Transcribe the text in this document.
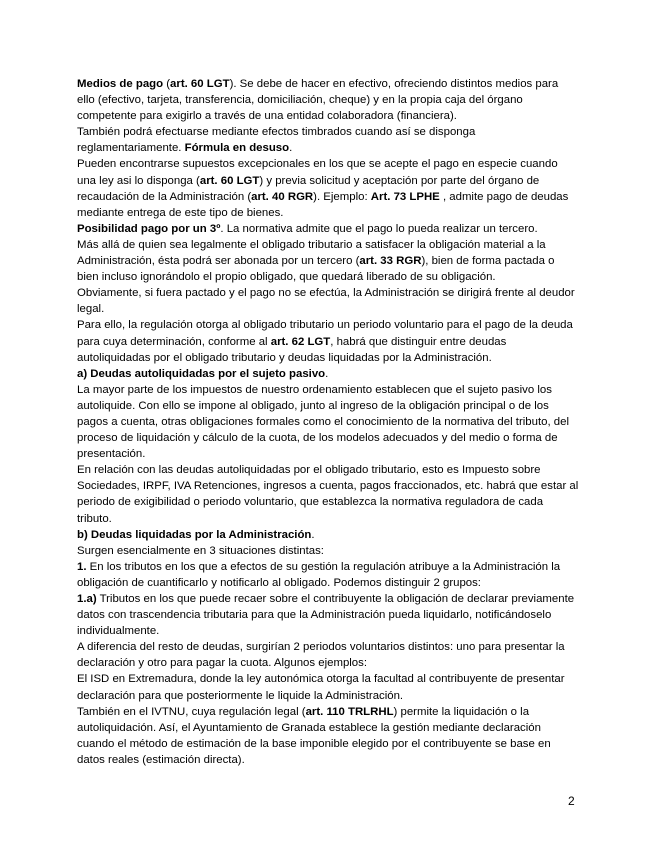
Medios de pago (art. 60 LGT). Se debe de hacer en efectivo, ofreciendo distintos medios para ello (efectivo, tarjeta, transferencia, domiciliación, cheque) y en la propia caja del órgano competente para exigirlo a través de una entidad colaboradora (financiera).

También podrá efectuarse mediante efectos timbrados cuando así se disponga reglamentariamente. Fórmula en desuso.

Pueden encontrarse supuestos excepcionales en los que se acepte el pago en especie cuando una ley asi lo disponga (art. 60 LGT) y previa solicitud y aceptación por parte del órgano de recaudación de la Administración (art. 40 RGR). Ejemplo: Art. 73 LPHE , admite pago de deudas mediante entrega de este tipo de bienes.

Posibilidad pago por un 3º. La normativa admite que el pago lo pueda realizar un tercero.

Más allá de quien sea legalmente el obligado tributario a satisfacer la obligación material a la Administración, ésta podrá ser abonada por un tercero (art. 33 RGR), bien de forma pactada o bien incluso ignorándolo el propio obligado, que quedará liberado de su obligación.

Obviamente, si fuera pactado y el pago no se efectúa, la Administración se dirigirá frente al deudor legal.

Para ello, la regulación otorga al obligado tributario un periodo voluntario para el pago de la deuda para cuya determinación, conforme al art. 62 LGT, habrá que distinguir entre deudas autoliquidadas por el obligado tributario y deudas liquidadas por la Administración.

a) Deudas autoliquidadas por el sujeto pasivo.

La mayor parte de los impuestos de nuestro ordenamiento establecen que el sujeto pasivo los autoliquide. Con ello se impone al obligado, junto al ingreso de la obligación principal o de los pagos a cuenta, otras obligaciones formales como el conocimiento de la normativa del tributo, del proceso de liquidación y cálculo de la cuota, de los modelos adecuados y del medio o forma de presentación.

En relación con las deudas autoliquidadas por el obligado tributario, esto es Impuesto sobre Sociedades, IRPF, IVA Retenciones, ingresos a cuenta, pagos fraccionados, etc. habrá que estar al periodo de exigibilidad o periodo voluntario, que establezca la normativa reguladora de cada tributo.

b) Deudas liquidadas por la Administración.

Surgen esencialmente en 3 situaciones distintas:

1. En los tributos en los que a efectos de su gestión la regulación atribuye a la Administración la obligación de cuantificarlo y notificarlo al obligado. Podemos distinguir 2 grupos:

1.a) Tributos en los que puede recaer sobre el contribuyente la obligación de declarar previamente datos con trascendencia tributaria para que la Administración pueda liquidarlo, notificándoselo individualmente.

A diferencia del resto de deudas, surgirían 2 periodos voluntarios distintos: uno para presentar la declaración y otro para pagar la cuota. Algunos ejemplos:

El ISD en Extremadura, donde la ley autonómica otorga la facultad al contribuyente de presentar declaración para que posteriormente le liquide la Administración.

También en el IVTNU, cuya regulación legal (art. 110 TRLRHL) permite la liquidación o la autoliquidación. Así, el Ayuntamiento de Granada establece la gestión mediante declaración cuando el método de estimación de la base imponible elegido por el contribuyente se base en datos reales (estimación directa).

2
